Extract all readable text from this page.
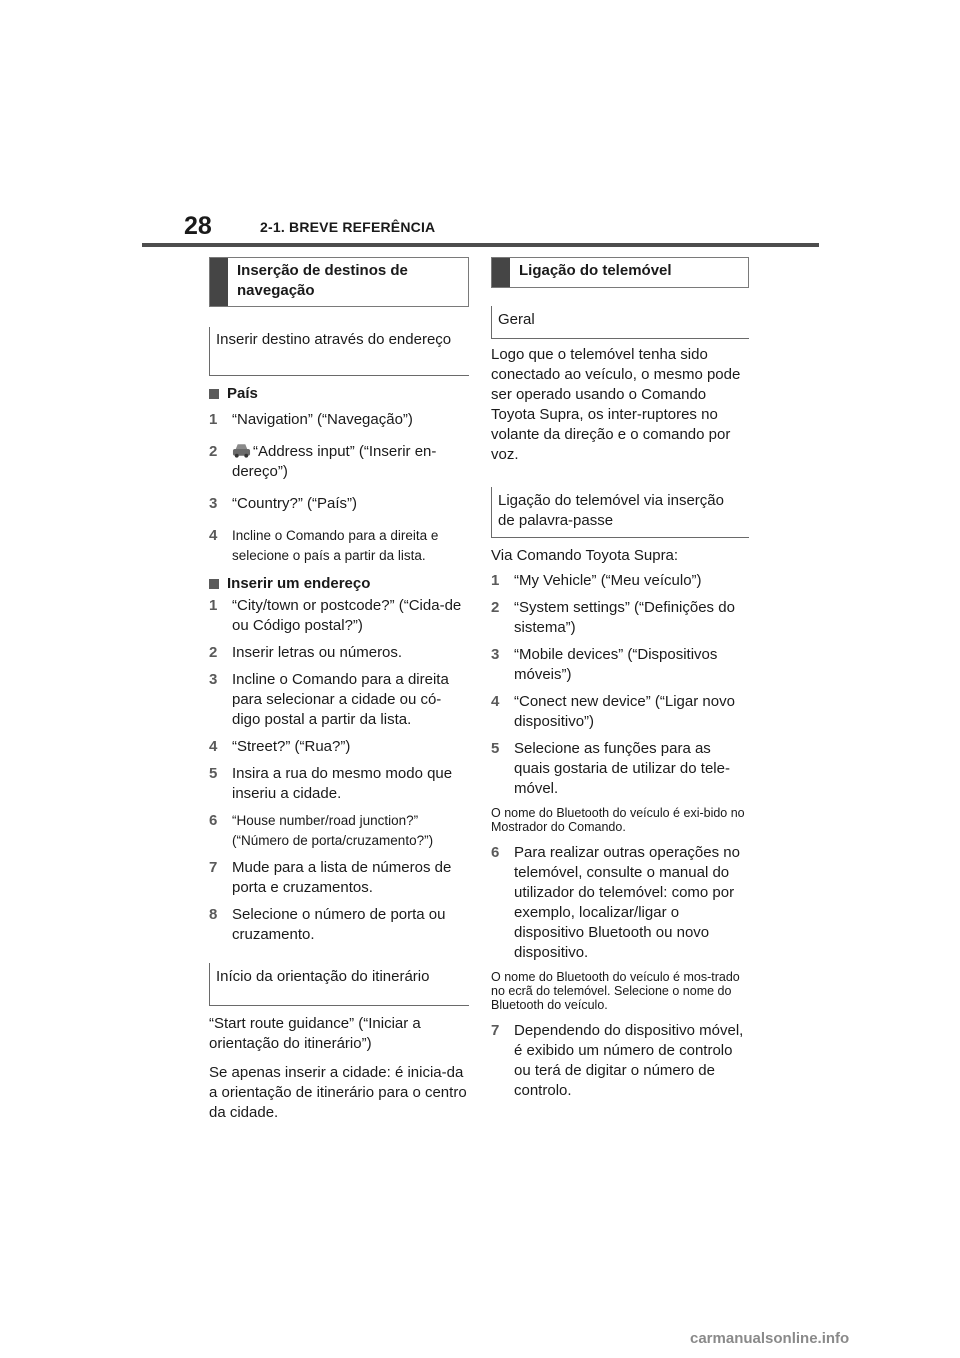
28	2-1. BREVE REFERÊNCIA
Inserção de destinos de navegação
Inserir destino através do endereço
País
1 “Navigation” (“Navegação”)
2	“Address input” (“Inserir en-dereço”)
3 “Country?” (“País”)
4	Incline o Comando para a direita e selecione o país a partir da lista.
Inserir um endereço
1 “City/town or postcode?” (“Cida-de ou Código postal?”)
2 Inserir letras ou números.
3 Incline o Comando para a direita para selecionar a cidade ou có-digo postal a partir da lista.
4 “Street?” (“Rua?”)
5 Insira a rua do mesmo modo que inseriu a cidade.
6	“House number/road junction?” (“Número de porta/cruzamento?”)
7 Mude para a lista de números de porta e cruzamentos.
8 Selecione o número de porta ou cruzamento.
Início da orientação do itinerário

“Start route guidance” (“Iniciar a orientação do itinerário”)

Se apenas inserir a cidade: é inicia-da a orientação de itinerário para o centro da cidade.

Ligação do telemóvel
Geral

Logo que o telemóvel tenha sido conectado ao veículo, o mesmo pode ser operado usando o Comando Toyota Supra, os inter-ruptores no volante da direção e o comando por voz.

Ligação do telemóvel via inserção de palavra-passe

Via Comando Toyota Supra:

1 “My Vehicle” (“Meu veículo”)
2 “System settings” (“Definições do sistema”)
3 “Mobile devices” (“Dispositivos móveis”)
4 “Conect new device” (“Ligar novo dispositivo”)
5 Selecione as funções para as quais gostaria de utilizar do tele-móvel.

O nome do Bluetooth do veículo é exi-bido no Mostrador do Comando.

6 Para realizar outras operações no telemóvel, consulte o manual do utilizador do telemóvel: como por exemplo, localizar/ligar o dispositivo Bluetooth ou novo dispositivo.

O nome do Bluetooth do veículo é mos-trado no ecrã do telemóvel. Selecione o nome do Bluetooth do veículo.

7 Dependendo do dispositivo móvel, é exibido um número de controlo ou terá de digitar o número de controlo.
carmanualsonline.info
